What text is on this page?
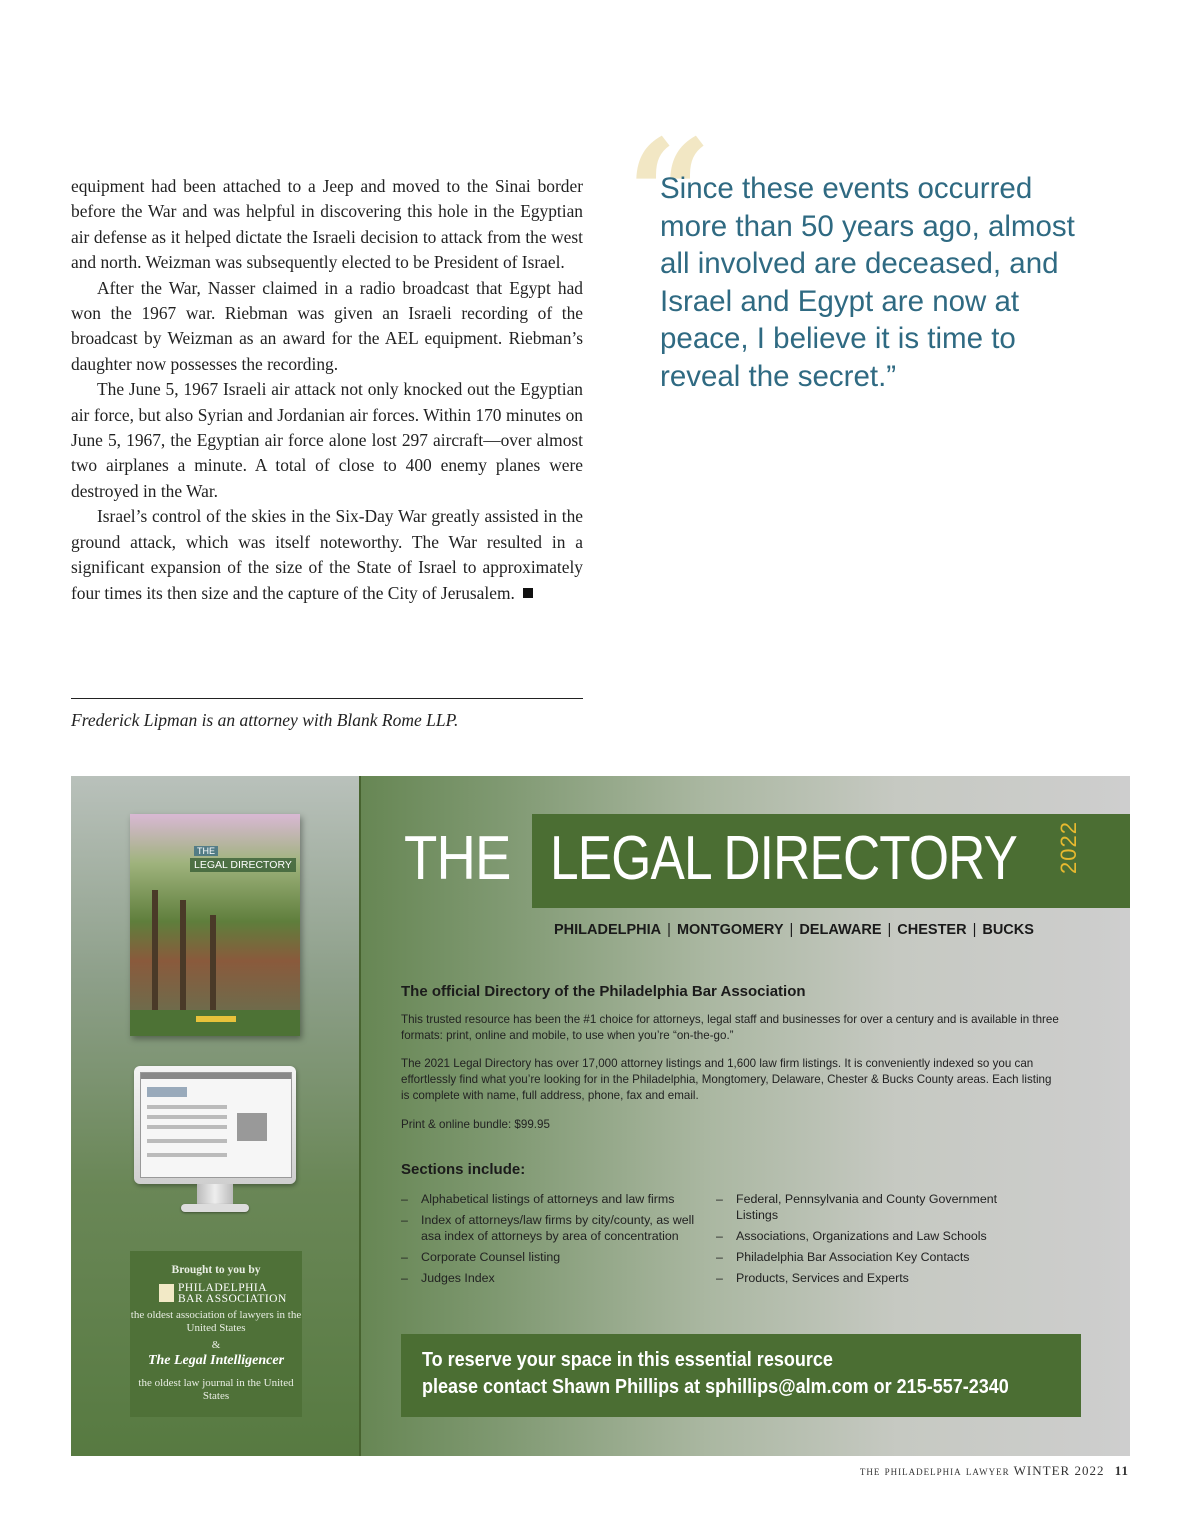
equipment had been attached to a Jeep and moved to the Sinai border before the War and was helpful in discovering this hole in the Egyptian air defense as it helped dictate the Israeli decision to attack from the west and north. Weizman was subsequently elected to be President of Israel.

After the War, Nasser claimed in a radio broadcast that Egypt had won the 1967 war. Riebman was given an Israeli recording of the broadcast by Weizman as an award for the AEL equipment. Riebman’s daughter now possesses the recording.

The June 5, 1967 Israeli air attack not only knocked out the Egyptian air force, but also Syrian and Jordanian air forces. Within 170 minutes on June 5, 1967, the Egyptian air force alone lost 297 aircraft—over almost two airplanes a minute. A total of close to 400 enemy planes were destroyed in the War.

Israel’s control of the skies in the Six-Day War greatly assisted in the ground attack, which was itself noteworthy. The War resulted in a significant expansion of the size of the State of Israel to approximately four times its then size and the capture of the City of Jerusalem.

Frederick Lipman is an attorney with Blank Rome LLP.
“
Since these events occurred more than 50 years ago, almost all involved are deceased, and Israel and Egypt are now at peace, I believe it is time to reveal the secret.”
THE
LEGAL DIRECTORY
Brought to you by
PHILADELPHIA
BAR ASSOCIATION
the oldest association of lawyers in the United States
&
The Legal Intelligencer
the oldest law journal in the United States
THE LEGAL DIRECTORY 2022
PHILADELPHIA | MONTGOMERY | DELAWARE | CHESTER | BUCKS
The official Directory of the Philadelphia Bar Association

This trusted resource has been the #1 choice for attorneys, legal staff and businesses for over a century and is available in three formats: print, online and mobile, to use when you’re “on-the-go.”

The 2021 Legal Directory has over 17,000 attorney listings and 1,600 law firm listings. It is conveniently indexed so you can effortlessly find what you’re looking for in the Philadelphia, Mongtomery, Delaware, Chester & Bucks County areas. Each listing is complete with name, full address, phone, fax and email.

Print & online bundle: $99.95

Sections include:
– Alphabetical listings of attorneys and law firms
– Index of attorneys/law firms by city/county, as well asa index of attorneys by area of concentration
– Corporate Counsel listing
– Judges Index
– Federal, Pennsylvania and County Government Listings
– Associations, Organizations and Law Schools
– Philadelphia Bar Association Key Contacts
– Products, Services and Experts
To reserve your space in this essential resource
please contact Shawn Phillips at sphillips@alm.com or 215-557-2340
the philadelphia lawyer WINTER 2022 11
